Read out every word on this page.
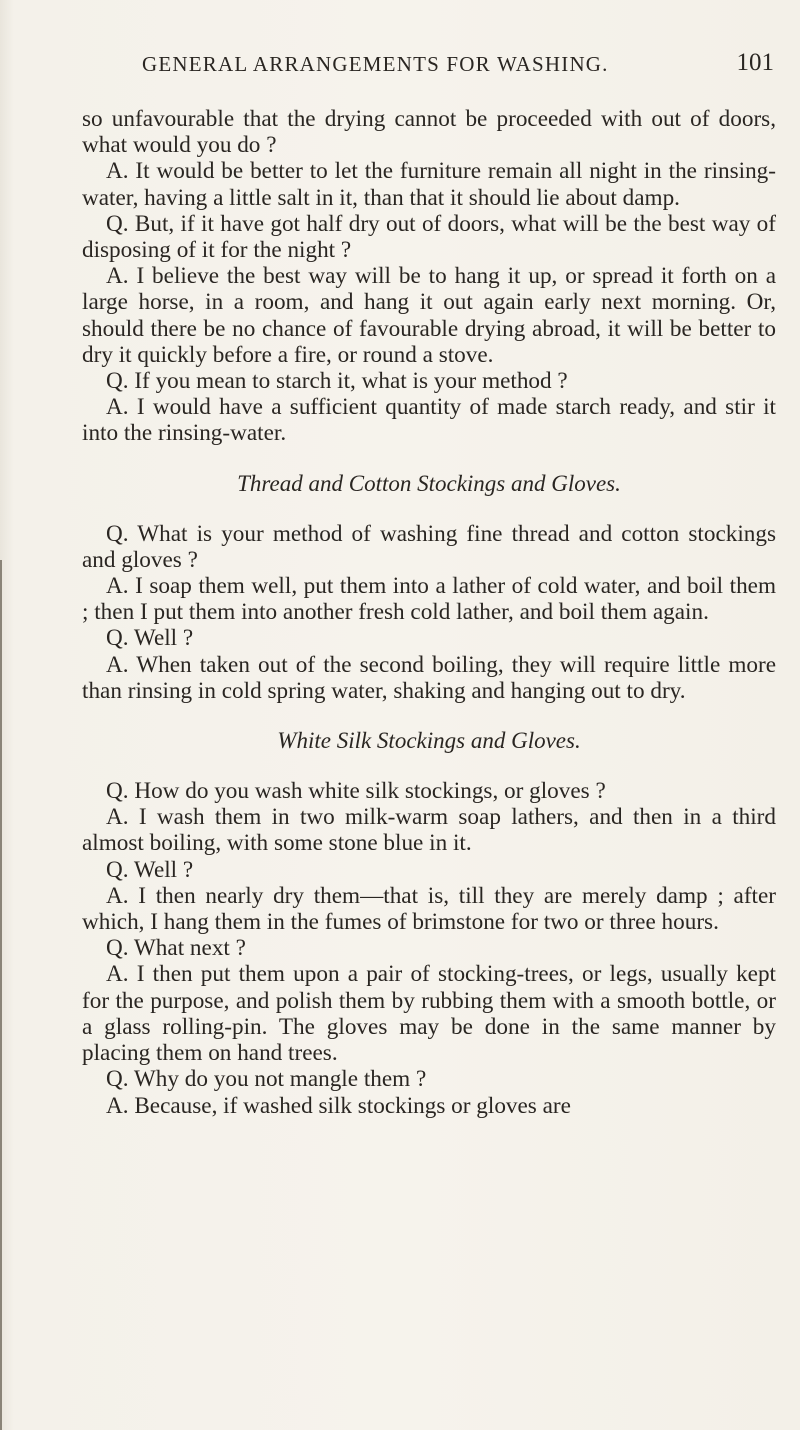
GENERAL ARRANGEMENTS FOR WASHING.	101

so unfavourable that the drying cannot be proceeded with out of doors, what would you do ?

A. It would be better to let the furniture remain all night in the rinsing-water, having a little salt in it, than that it should lie about damp.

Q. But, if it have got half dry out of doors, what will be the best way of disposing of it for the night ?

A. I believe the best way will be to hang it up, or spread it forth on a large horse, in a room, and hang it out again early next morning. Or, should there be no chance of favourable drying abroad, it will be better to dry it quickly before a fire, or round a stove.

Q. If you mean to starch it, what is your method ?

A. I would have a sufficient quantity of made starch ready, and stir it into the rinsing-water.

Thread and Cotton Stockings and Gloves.

Q. What is your method of washing fine thread and cotton stockings and gloves ?

A. I soap them well, put them into a lather of cold water, and boil them ; then I put them into another fresh cold lather, and boil them again.

Q. Well ?

A. When taken out of the second boiling, they will require little more than rinsing in cold spring water, shaking and hanging out to dry.

White Silk Stockings and Gloves.

Q. How do you wash white silk stockings, or gloves ?

A. I wash them in two milk-warm soap lathers, and then in a third almost boiling, with some stone blue in it.

Q. Well ?

A. I then nearly dry them—that is, till they are merely damp ; after which, I hang them in the fumes of brimstone for two or three hours.

Q. What next ?

A. I then put them upon a pair of stocking-trees, or legs, usually kept for the purpose, and polish them by rubbing them with a smooth bottle, or a glass rolling-pin. The gloves may be done in the same manner by placing them on hand trees.

Q. Why do you not mangle them ?

A. Because, if washed silk stockings or gloves are
